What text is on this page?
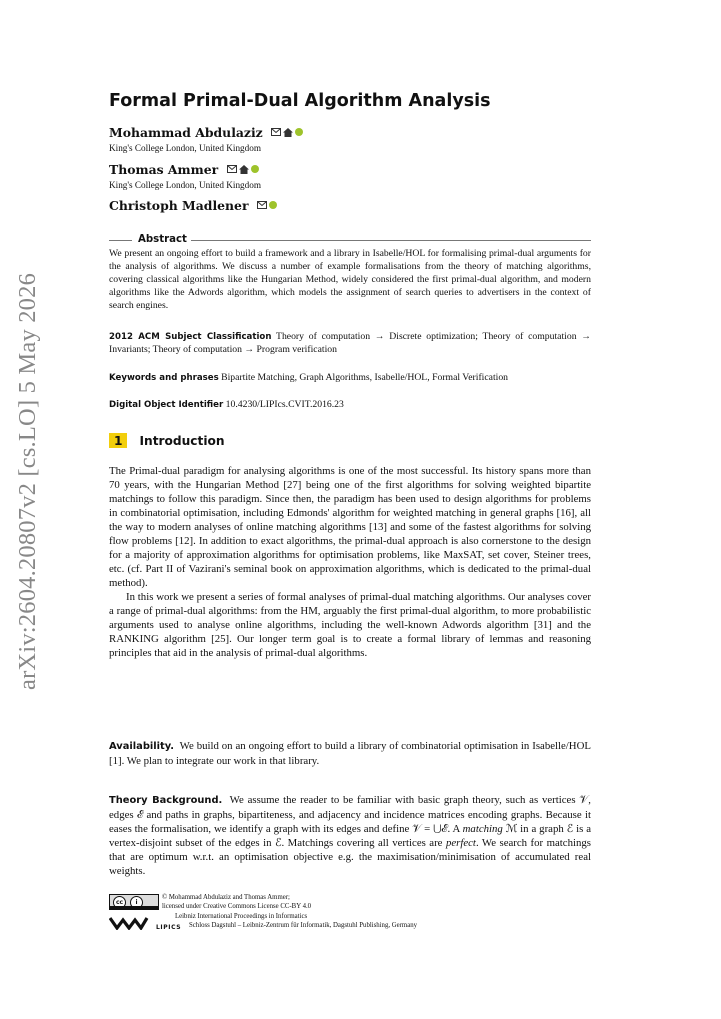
arXiv:2604.20807v2 [cs.LO] 5 May 2026
Formal Primal-Dual Algorithm Analysis
Mohammad Abdulaziz
King's College London, United Kingdom
Thomas Ammer
King's College London, United Kingdom
Christoph Madlener
Abstract
We present an ongoing effort to build a framework and a library in Isabelle/HOL for formalising primal-dual arguments for the analysis of algorithms. We discuss a number of example formalisations from the theory of matching algorithms, covering classical algorithms like the Hungarian Method, widely considered the first primal-dual algorithm, and modern algorithms like the Adwords algorithm, which models the assignment of search queries to advertisers in the context of search engines.
2012 ACM Subject Classification Theory of computation → Discrete optimization; Theory of computation → Invariants; Theory of computation → Program verification
Keywords and phrases Bipartite Matching, Graph Algorithms, Isabelle/HOL, Formal Verification
Digital Object Identifier 10.4230/LIPIcs.CVIT.2016.23
1 Introduction

The Primal-dual paradigm for analysing algorithms is one of the most successful. Its history spans more than 70 years, with the Hungarian Method [27] being one of the first algorithms for solving weighted bipartite matchings to follow this paradigm. Since then, the paradigm has been used to design algorithms for problems in combinatorial optimisation, including Edmonds' algorithm for weighted matching in general graphs [16], all the way to modern analyses of online matching algorithms [13] and some of the fastest algorithms for solving flow problems [12]. In addition to exact algorithms, the primal-dual approach is also cornerstone to the design for a majority of approximation algorithms for optimisation problems, like MaxSAT, set cover, Steiner trees, etc. (cf. Part II of Vazirani's seminal book on approximation algorithms, which is dedicated to the primal-dual method).

In this work we present a series of formal analyses of primal-dual matching algorithms. Our analyses cover a range of primal-dual algorithms: from the HM, arguably the first primal-dual algorithm, to more probabilistic arguments used to analyse online algorithms, including the well-known Adwords algorithm [31] and the RANKING algorithm [25]. Our longer term goal is to create a formal library of lemmas and reasoning principles that aid in the analysis of primal-dual algorithms.

Availability. We build on an ongoing effort to build a library of combinatorial optimisation in Isabelle/HOL [1]. We plan to integrate our work in that library.
Theory Background. We assume the reader to be familiar with basic graph theory, such as vertices 𝒱, edges ℰ and paths in graphs, bipartiteness, and adjacency and incidence matrices encoding graphs. Because it eases the formalisation, we identify a graph with its edges and define 𝒱 = ⋃ℰ. A matching ℳ in a graph ℰ is a vertex-disjoint subset of the edges in ℰ. Matchings covering all vertices are perfect. We search for matchings that are optimum w.r.t. an optimisation objective e.g. the maximisation/minimisation of accumulated real weights.
cc	i
© Mohammad Abdulaziz and Thomas Ammer;
licensed under Creative Commons License CC-BY 4.0
Leibniz International Proceedings in Informatics
LIPICS Schloss Dagstuhl – Leibniz-Zentrum für Informatik, Dagstuhl Publishing, Germany
